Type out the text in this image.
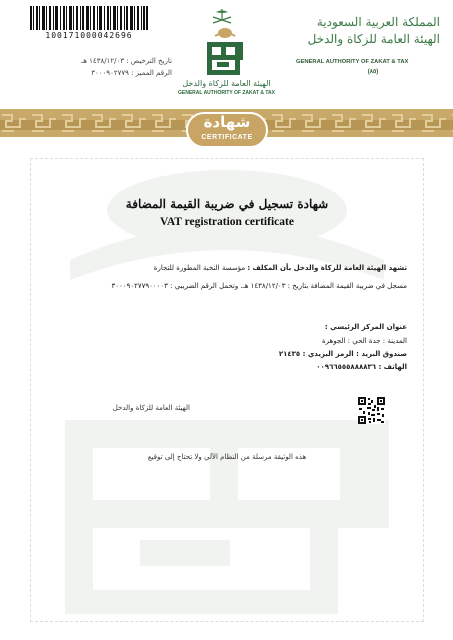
100171000042696
تاريخ الترخيص : ١٤٣٨/١٢/٠٣ هـ
الرقم المميز : ٣٠٠٠٩٠٢٧٧٩
الهيئة العامة للزكاة والدخل
GENERAL AUTHORITY OF ZAKAT & TAX
المملكة العربية السعودية
الهيئة العامة للزكاة والدخل
GENERAL AUTHORITY OF ZAKAT & TAX
(٨٥)
شهادة
CERTIFICATE
شهادة تسجيل في ضريبة القيمة المضافة
VAT registration certificate
تشهد الهيئة العامة للزكاة والدخل بأن المكلف : مؤسسة النخبة المطورة للتجارة
مسجل في ضريبة القيمة المضافة بتاريخ : ١٤٣٨/١٢/٠٣ هـ. وتحمل الرقم الضريبي : ٣٠٠٠٩٠٢٧٧٩٠٠٠٠٣
عنوان المركز الرئيسي :
المدينة : جدة الحي : الجوهرة
صندوق البريد : الرمز البريدي : ٢١٤٣٥
الهاتف : ٠٠٩٦٦٥٥٥٨٨٨٨٣٦
الهيئة العامة للزكاة والدخل
هذه الوثيقة مرسلة من النظام الآلي ولا تحتاج إلى توقيع
